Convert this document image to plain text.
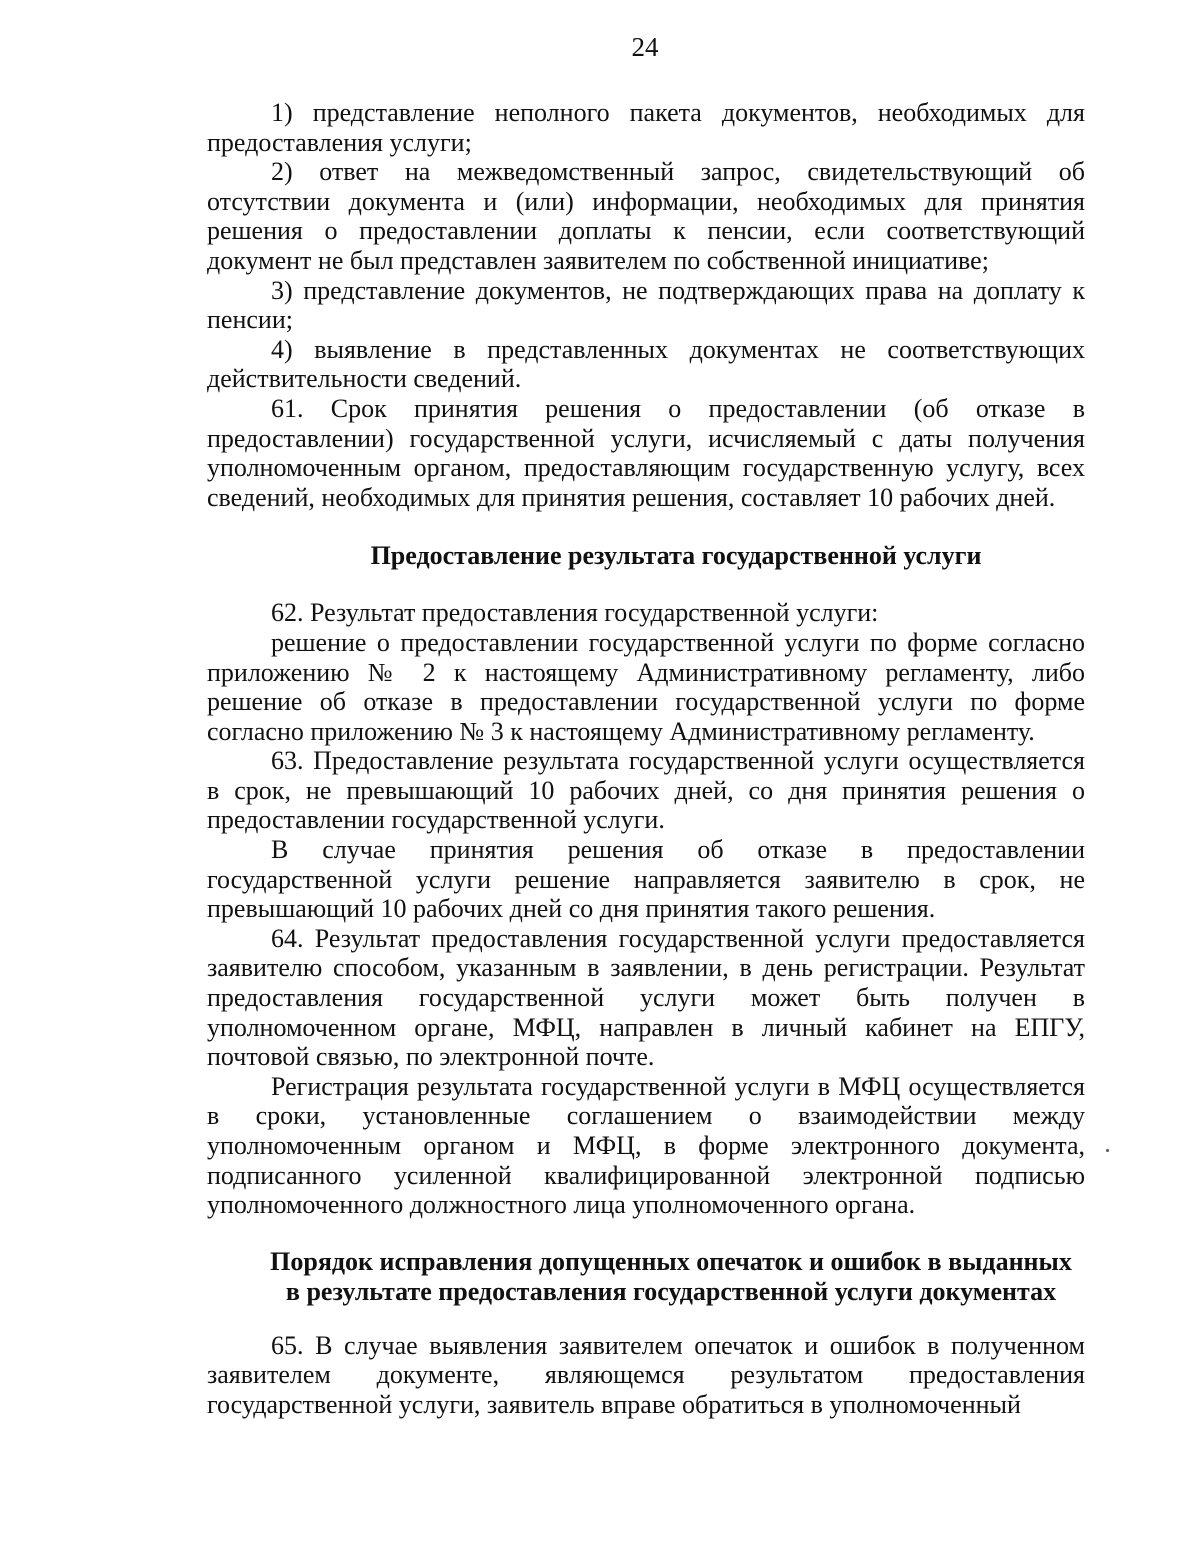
24

1) представление неполного пакета документов, необходимых для предоставления услуги;

2) ответ на межведомственный запрос, свидетельствующий об отсутствии документа и (или) информации, необходимых для принятия решения о предоставлении доплаты к пенсии, если соответствующий документ не был представлен заявителем по собственной инициативе;

3) представление документов, не подтверждающих права на доплату к пенсии;

4) выявление в представленных документах не соответствующих действительности сведений.

61. Срок принятия решения о предоставлении (об отказе в предоставлении) государственной услуги, исчисляемый с даты получения уполномоченным органом, предоставляющим государственную услугу, всех сведений, необходимых для принятия решения, составляет 10 рабочих дней.

Предоставление результата государственной услуги

62. Результат предоставления государственной услуги:

решение о предоставлении государственной услуги по форме согласно приложению № 2 к настоящему Административному регламенту, либо решение об отказе в предоставлении государственной услуги по форме согласно приложению № 3 к настоящему Административному регламенту.

63. Предоставление результата государственной услуги осуществляется в срок, не превышающий 10 рабочих дней, со дня принятия решения о предоставлении государственной услуги.

В случае принятия решения об отказе в предоставлении государственной услуги решение направляется заявителю в срок, не превышающий 10 рабочих дней со дня принятия такого решения.

64. Результат предоставления государственной услуги предоставляется заявителю способом, указанным в заявлении, в день регистрации. Результат предоставления государственной услуги может быть получен в уполномоченном органе, МФЦ, направлен в личный кабинет на ЕПГУ, почтовой связью, по электронной почте.

Регистрация результата государственной услуги в МФЦ осуществляется в сроки, установленные соглашением о взаимодействии между уполномоченным органом и МФЦ, в форме электронного документа, подписанного усиленной квалифицированной электронной подписью уполномоченного должностного лица уполномоченного органа.

Порядок исправления допущенных опечаток и ошибок в выданных
в результате предоставления государственной услуги документах

65. В случае выявления заявителем опечаток и ошибок в полученном заявителем документе, являющемся результатом предоставления государственной услуги, заявитель вправе обратиться в уполномоченный
